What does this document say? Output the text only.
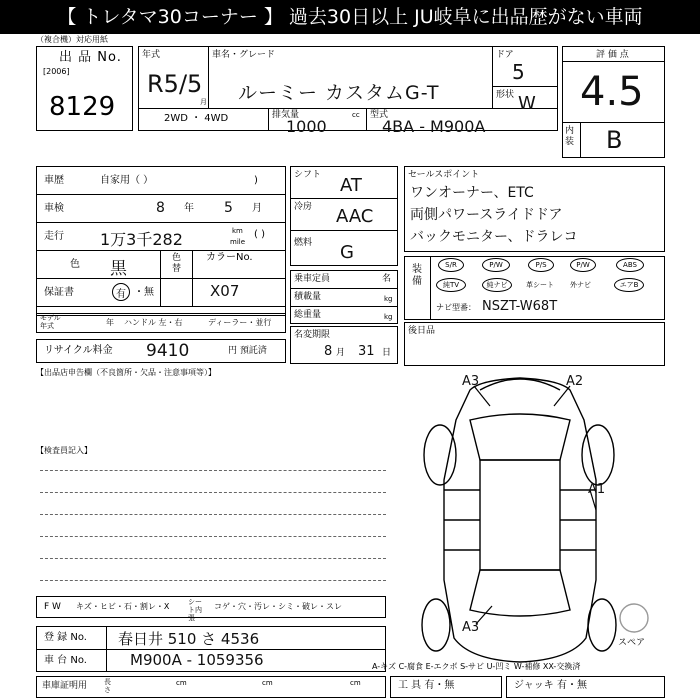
【 トレタマ30コーナー 】 過去30日以上 JU岐阜に出品歴がない車両
（複合機）対応用紙
出 品 No.
[2006]
8129
年式
R5/5
月
車名・グレード
ルーミー カスタムG-T
ドア
5
形状 W
2WD ・ 4WD	排気量	cc
1000
型式
4BA - M900A
評 価 点
4.5
内装 B
車歴	自家用（ ）	)
車検	8 年 5 月
走行 1万3千282	km
mile
( )
色 黒
色替
カラーNo.
X07
保証書	有 ・ 無
モデル年式	年 ハンドル 左・右	ディーラー・並行
リサイクル料金 9410	円 預託済
シフト AT
冷房 AAC
燃料 G
乗車定員	名
積載量	kg
総重量	kg
名変期限
8 月 31 日
セールスポイント
ワンオーナー、ETC
両側パワースライドドア
バックモニター、ドラレコ
装備
S/R	P/W	P/S	P/W	ABS
純TV	純ナビ	革シート 外ナビ	エアB
ナビ型番： NSZT-W68T
後日品
【出品店申告欄（不良箇所・欠品・注意事項等）】
【検査員記入】
A3	A2
A1
A3
スペア
F W キズ・ヒビ・石・割レ・X	シート内張
コゲ・穴・汚レ・シミ・破レ・スレ
登 録 No. 春日井 510 さ 4536
車 台 No.	M900A - 1059356	A-キズ C-腐食 E-エクボ S-サビ U-凹ミ W-補修 XX-交換済
車庫証明用 長さ
cm	cm	cm	工 具 有・無	ジャッキ 有・無
